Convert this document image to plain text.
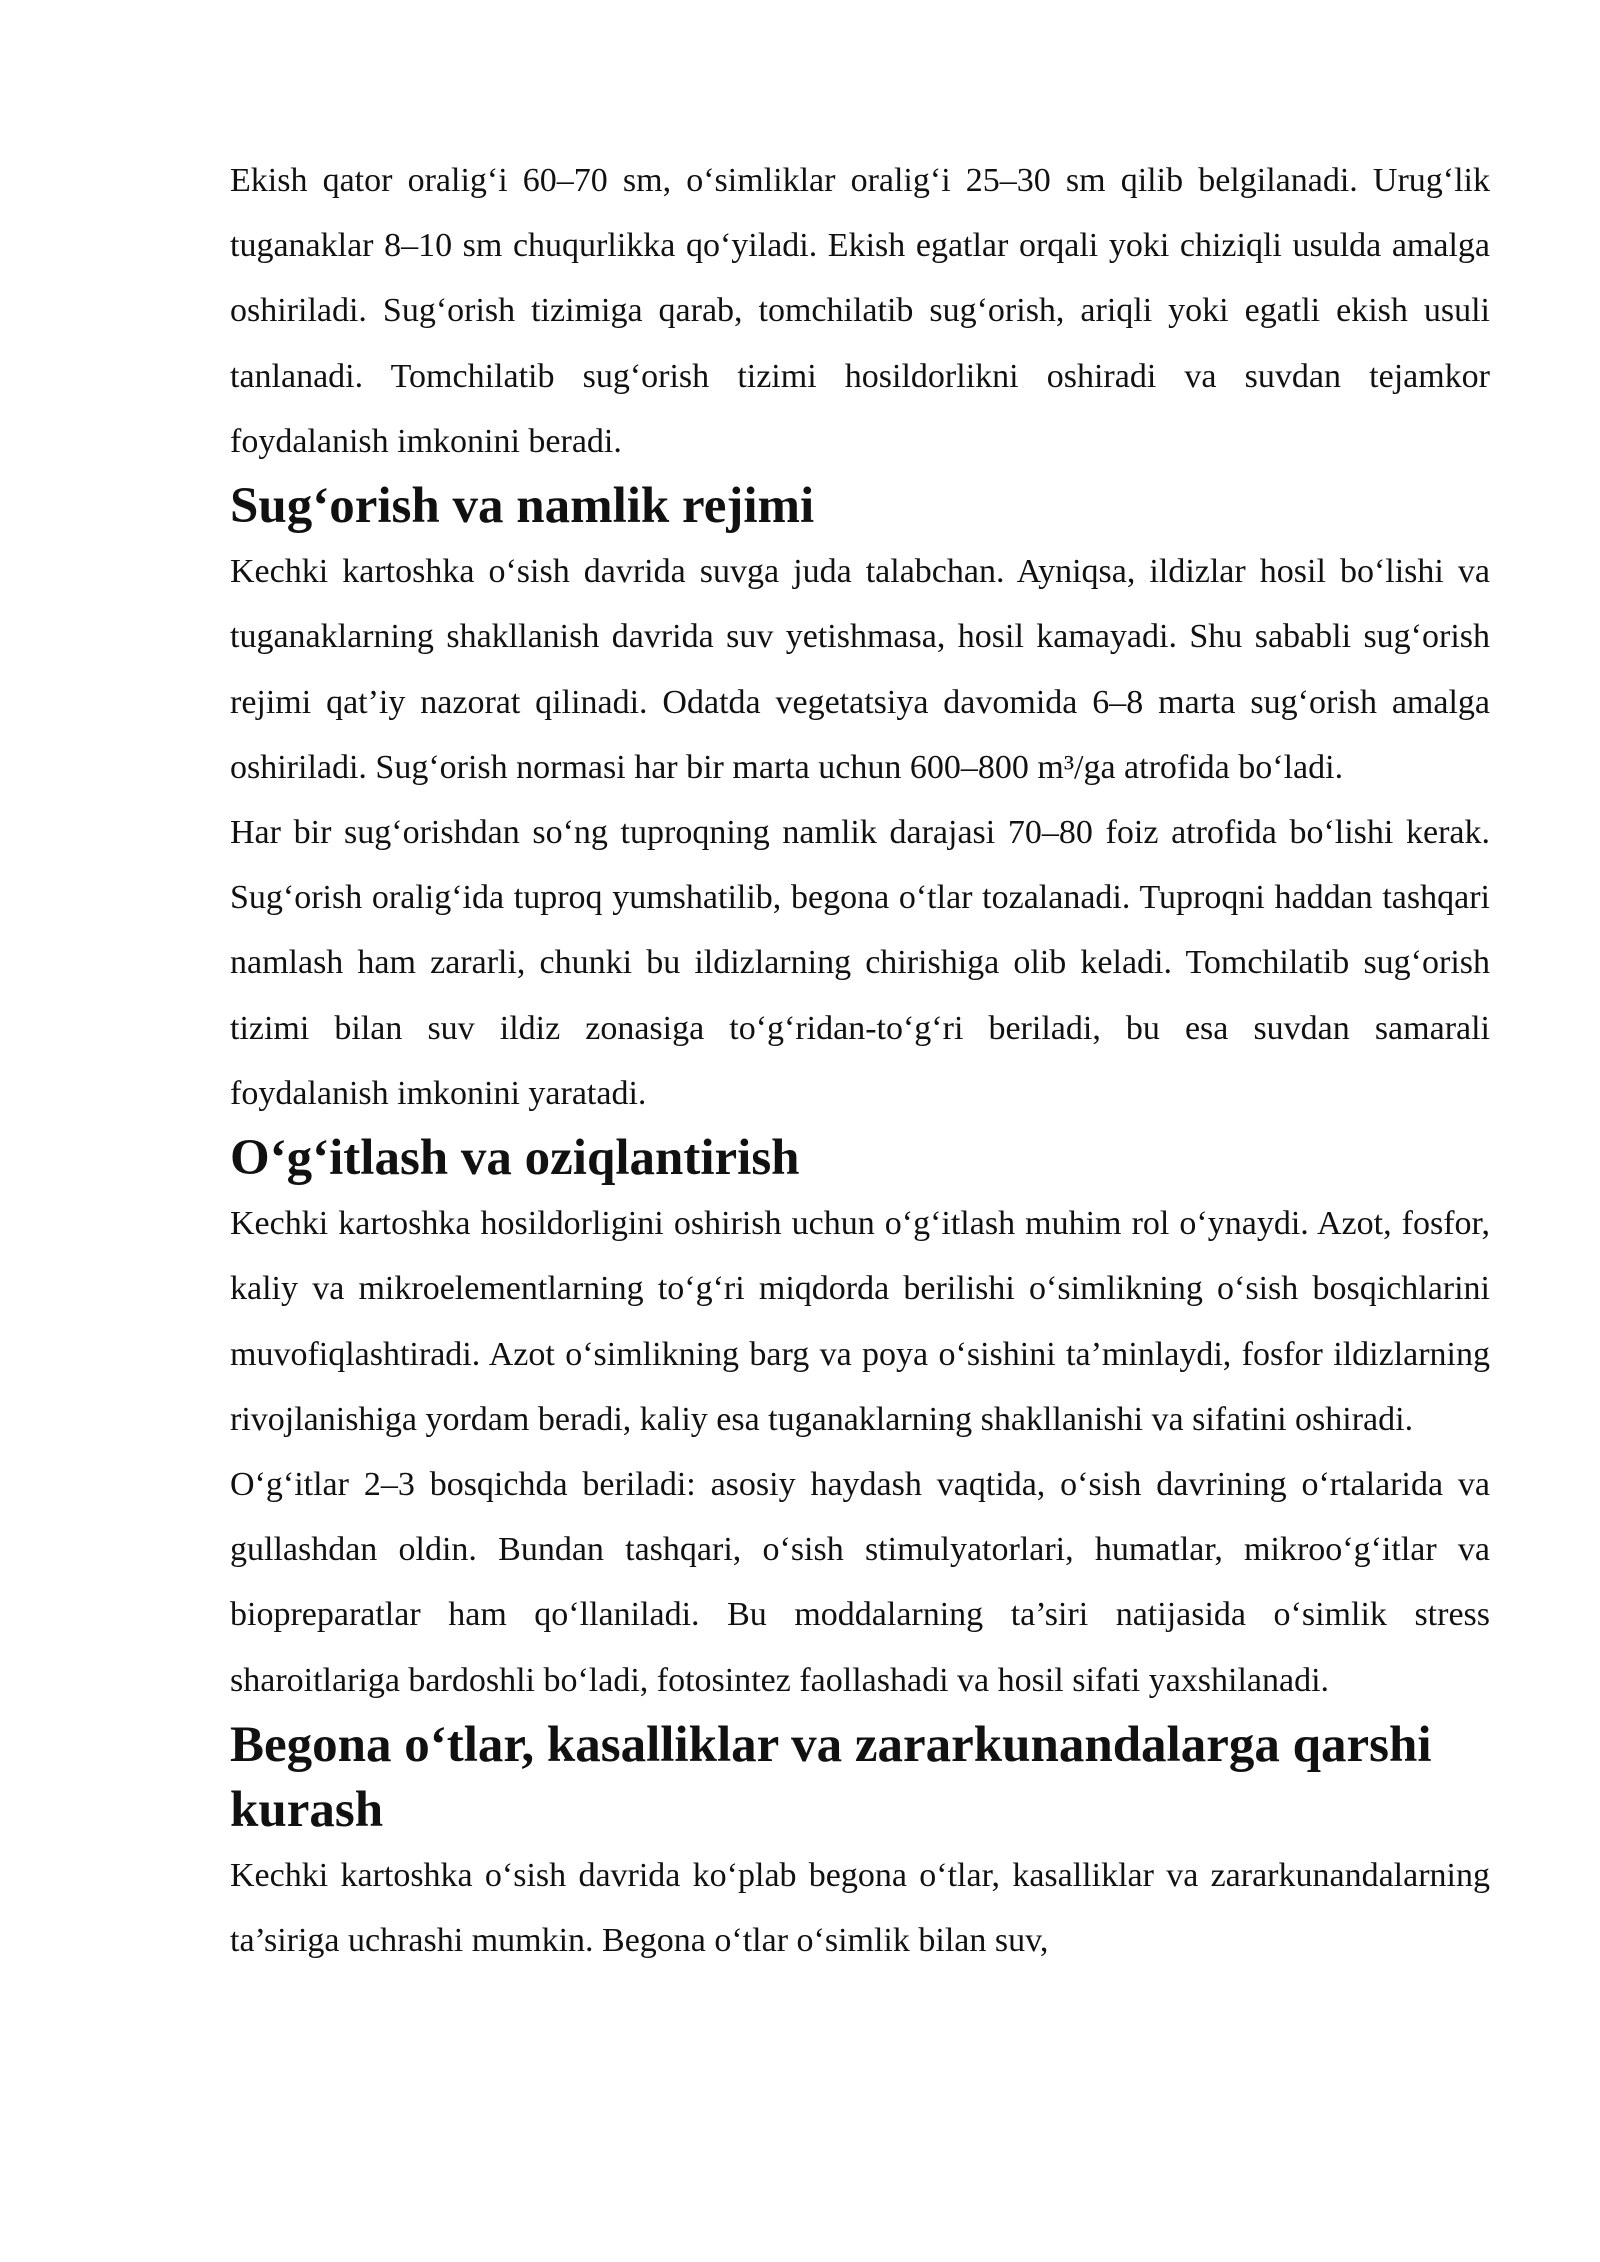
Ekish qator oralig‘i 60–70 sm, o‘simliklar oralig‘i 25–30 sm qilib belgilanadi. Urug‘lik tuganaklar 8–10 sm chuqurlikka qo‘yiladi. Ekish egatlar orqali yoki chiziqli usulda amalga oshiriladi. Sug‘orish tizimiga qarab, tomchilatib sug‘orish, ariqli yoki egatli ekish usuli tanlanadi. Tomchilatib sug‘orish tizimi hosildorlikni oshiradi va suvdan tejamkor foydalanish imkonini beradi.

Sug‘orish va namlik rejimi

Kechki kartoshka o‘sish davrida suvga juda talabchan. Ayniqsa, ildizlar hosil bo‘lishi va tuganaklarning shakllanish davrida suv yetishmasa, hosil kamayadi. Shu sababli sug‘orish rejimi qat’iy nazorat qilinadi. Odatda vegetatsiya davomida 6–8 marta sug‘orish amalga oshiriladi. Sug‘orish normasi har bir marta uchun 600–800 m³/ga atrofida bo‘ladi.

Har bir sug‘orishdan so‘ng tuproqning namlik darajasi 70–80 foiz atrofida bo‘lishi kerak. Sug‘orish oralig‘ida tuproq yumshatilib, begona o‘tlar tozalanadi. Tuproqni haddan tashqari namlash ham zararli, chunki bu ildizlarning chirishiga olib keladi. Tomchilatib sug‘orish tizimi bilan suv ildiz zonasiga to‘g‘ridan-to‘g‘ri beriladi, bu esa suvdan samarali foydalanish imkonini yaratadi.

O‘g‘itlash va oziqlantirish

Kechki kartoshka hosildorligini oshirish uchun o‘g‘itlash muhim rol o‘ynaydi. Azot, fosfor, kaliy va mikroelementlarning to‘g‘ri miqdorda berilishi o‘simlikning o‘sish bosqichlarini muvofiqlashtiradi. Azot o‘simlikning barg va poya o‘sishini ta’minlaydi, fosfor ildizlarning rivojlanishiga yordam beradi, kaliy esa tuganaklarning shakllanishi va sifatini oshiradi.

O‘g‘itlar 2–3 bosqichda beriladi: asosiy haydash vaqtida, o‘sish davrining o‘rtalarida va gullashdan oldin. Bundan tashqari, o‘sish stimulyatorlari, humatlar, mikroo‘g‘itlar va biopreparatlar ham qo‘llaniladi. Bu moddalarning ta’siri natijasida o‘simlik stress sharoitlariga bardoshli bo‘ladi, fotosintez faollashadi va hosil sifati yaxshilanadi.

Begona o‘tlar, kasalliklar va zararkunandalarga qarshi kurash

Kechki kartoshka o‘sish davrida ko‘plab begona o‘tlar, kasalliklar va zararkunandalarning ta’siriga uchrashi mumkin. Begona o‘tlar o‘simlik bilan suv,
